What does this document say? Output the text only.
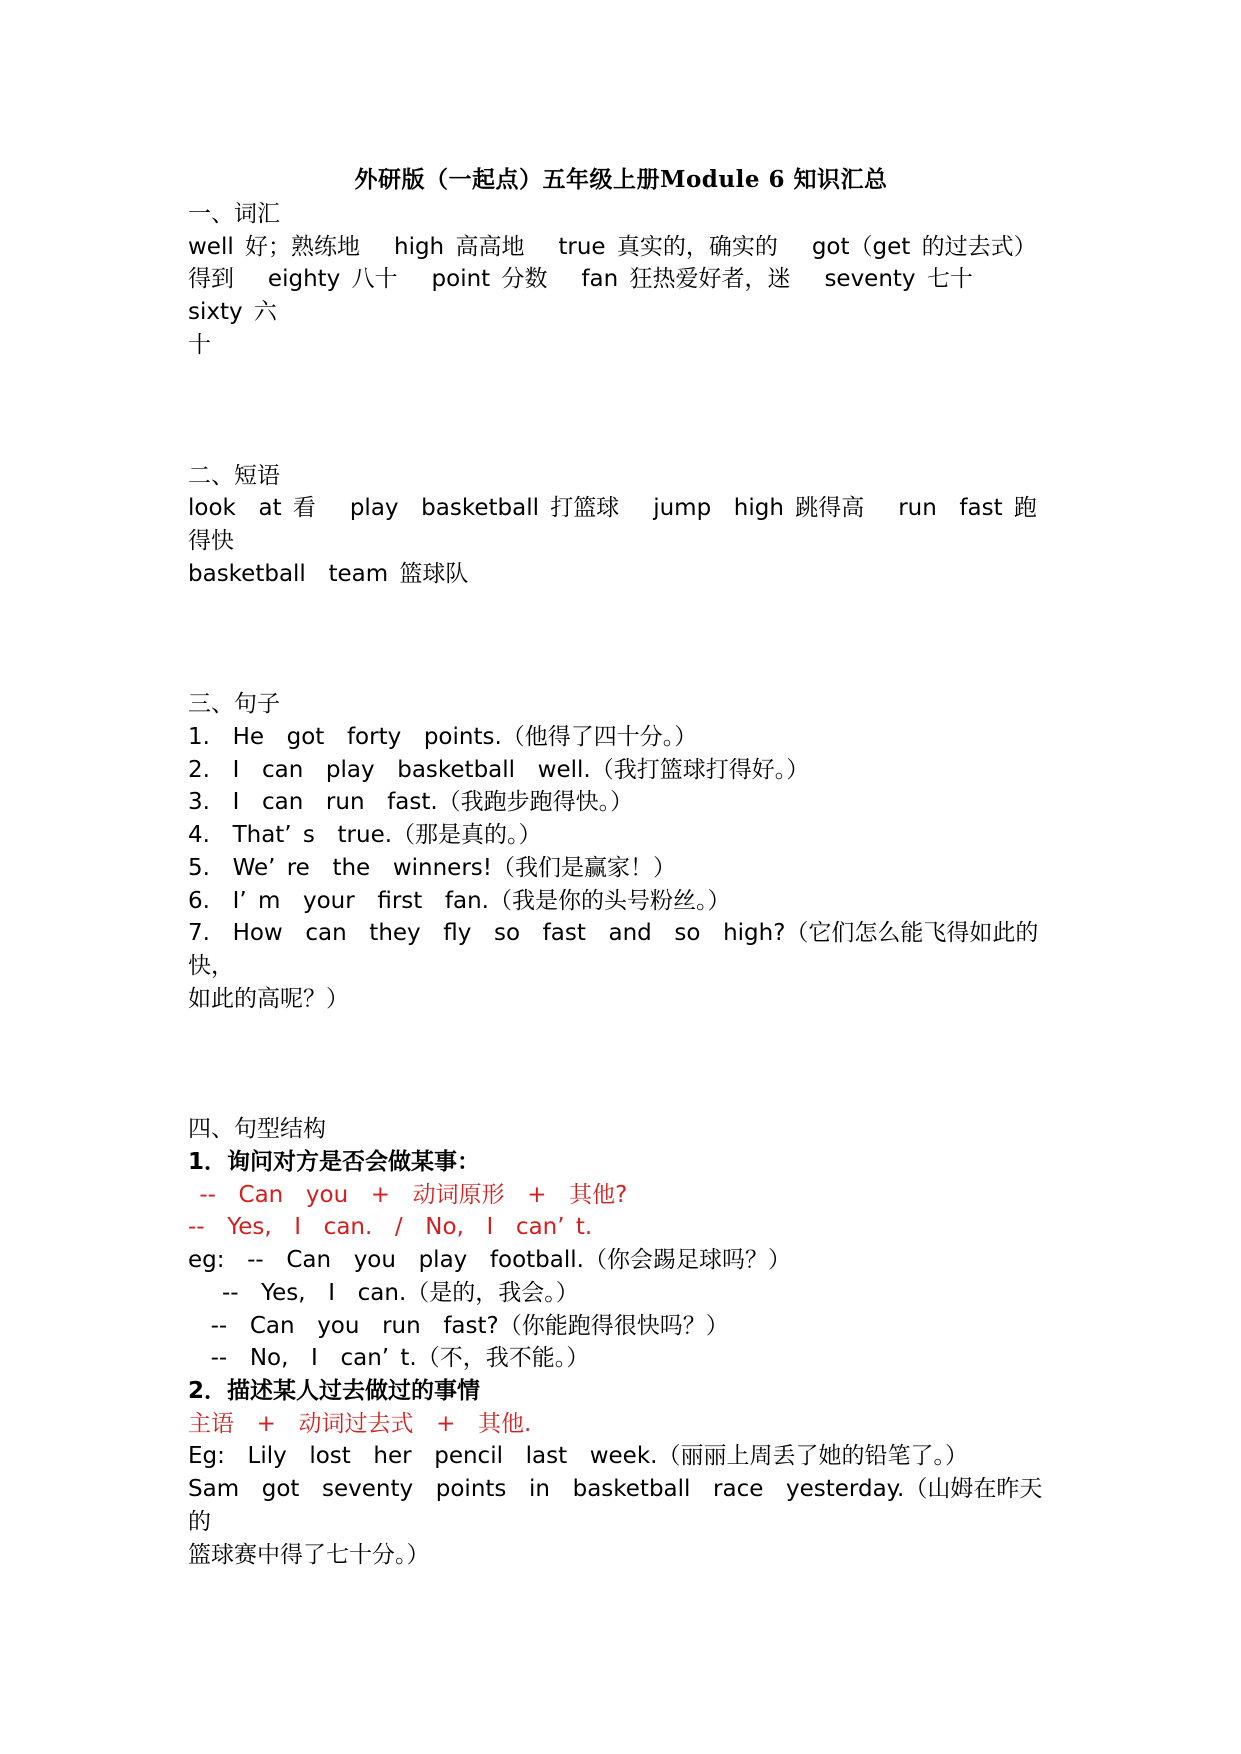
外研版（一起点）五年级上册Module 6 知识汇总
一、词汇
well 好；熟练地   high 高高地   true 真实的，确实的   got（get 的过去式）
得到   eighty 八十   point 分数   fan 狂热爱好者，迷   seventy 七十   sixty 六
十
二、短语
look  at 看   play  basketball 打篮球   jump  high 跳得高   run  fast 跑得快
basketball  team 篮球队
三、句子
1.  He  got  forty  points.（他得了四十分。）
2.  I  can  play  basketball  well.（我打篮球打得好。）
3.  I  can  run  fast.（我跑步跑得快。）
4.  That’ s  true.（那是真的。）
5.  We’ re  the  winners!（我们是赢家！）
6.  I’ m  your  first  fan.（我是你的头号粉丝。）
7.  How  can  they  fly  so  fast  and  so  high?（它们怎么能飞得如此的快，
如此的高呢？）
四、句型结构
1．询问对方是否会做某事：
--  Can  you  +  动词原形  +  其他?
--  Yes,  I  can.  /  No,  I  can’ t.
eg:  --  Can  you  play  football.（你会踢足球吗？）
--  Yes,  I  can.（是的，我会。）
--  Can  you  run  fast?（你能跑得很快吗？）
--  No,  I  can’ t.（不，我不能。）
2．描述某人过去做过的事情
主语  +  动词过去式  +  其他.
Eg:  Lily  lost  her  pencil  last  week.（丽丽上周丢了她的铅笔了。）
Sam  got  seventy  points  in  basketball  race  yesterday.（山姆在昨天的
篮球赛中得了七十分。）
